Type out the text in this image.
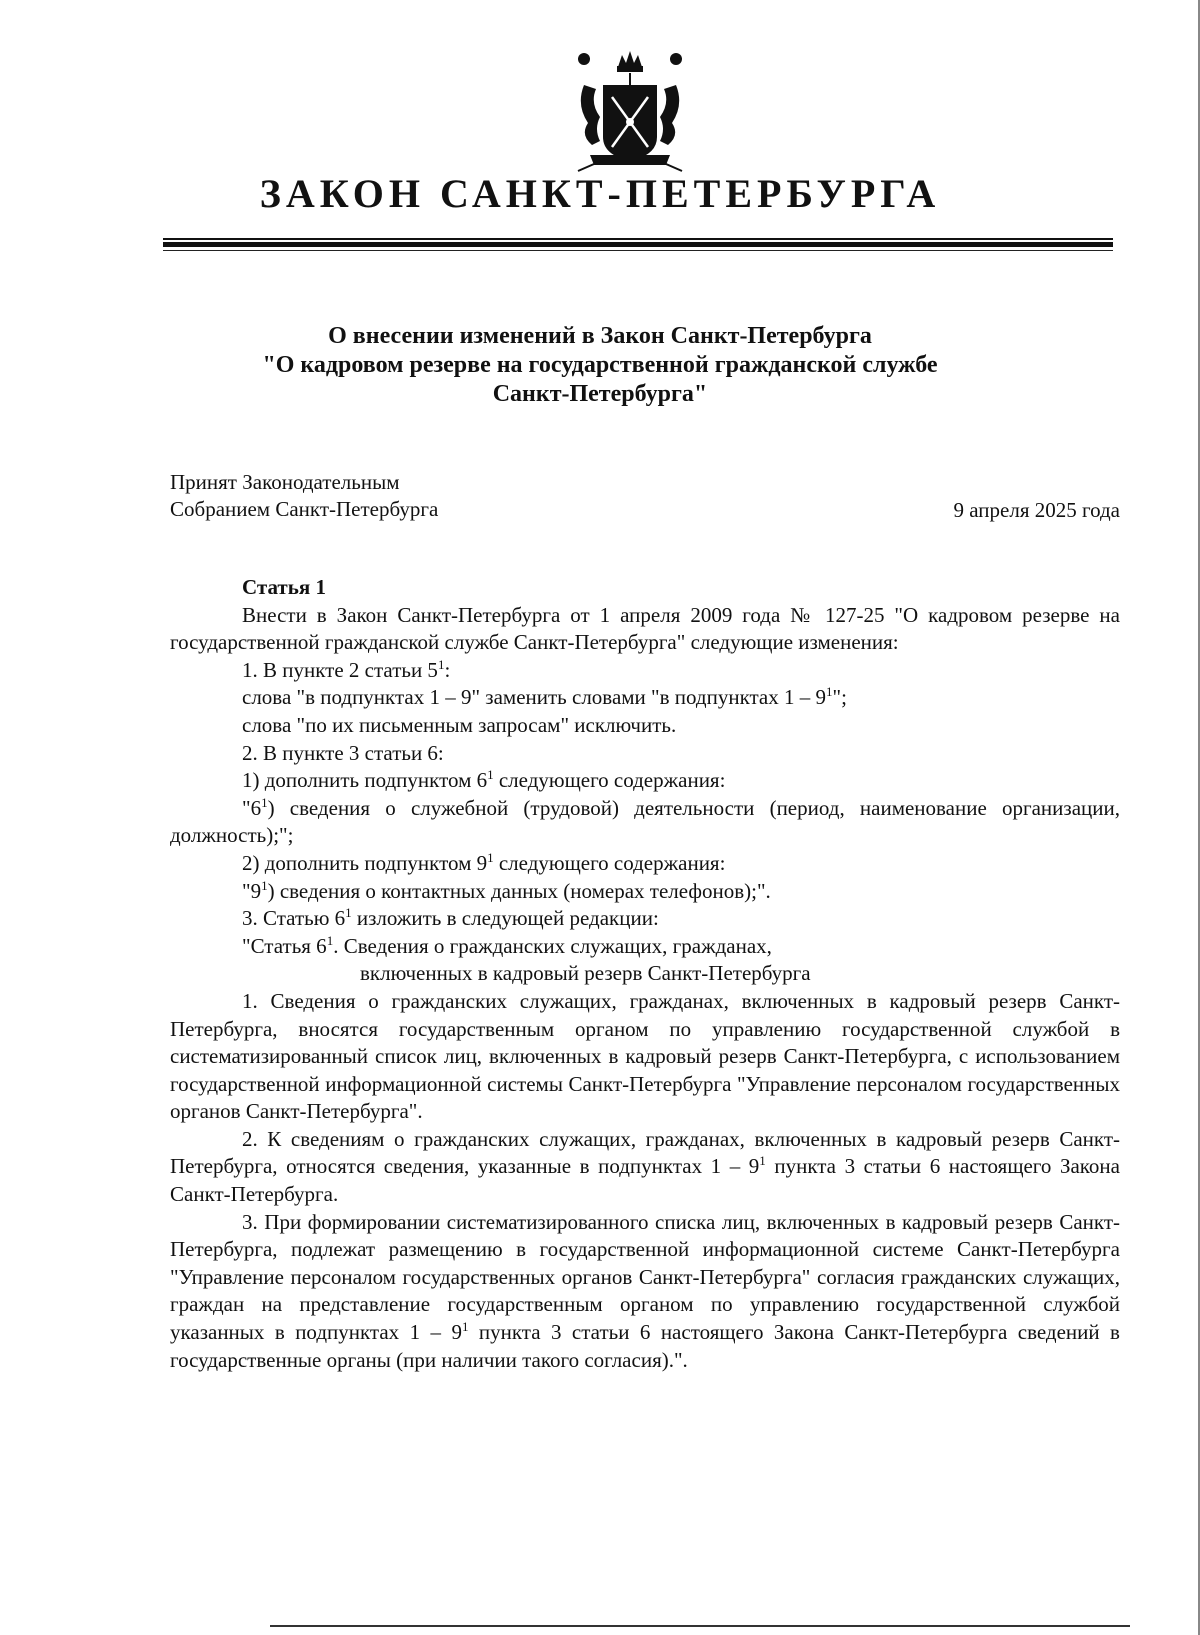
ЗАКОН САНКТ-ПЕТЕРБУРГА
О внесении изменений в Закон Санкт-Петербурга
"О кадровом резерве на государственной гражданской службе
Санкт-Петербурга"
Принят Законодательным
Собранием Санкт-Петербурга	9 апреля 2025 года

Статья 1

Внести в Закон Санкт-Петербурга от 1 апреля 2009 года № 127-25 "О кадровом резерве на государственной гражданской службе Санкт-Петербурга" следующие изменения:

1. В пункте 2 статьи $5^1$:

слова "в подпунктах 1 – 9" заменить словами "в подпунктах $1 - 9^1$";

слова "по их письменным запросам" исключить.

2. В пункте 3 статьи 6:

1) дополнить подпунктом $6^1$ следующего содержания:

"$6^1$) сведения о служебной (трудовой) деятельности (период, наименование организации, должность);";

2) дополнить подпунктом $9^1$ следующего содержания:

"$9^1$) сведения о контактных данных (номерах телефонов);".

3. Статью $6^1$ изложить в следующей редакции:

"Статья $6^1$. Сведения о гражданских служащих, гражданах,

включенных в кадровый резерв Санкт-Петербурга

1. Сведения о гражданских служащих, гражданах, включенных в кадровый резерв Санкт-Петербурга, вносятся государственным органом по управлению государственной службой в систематизированный список лиц, включенных в кадровый резерв Санкт-Петербурга, с использованием государственной информационной системы Санкт-Петербурга "Управление персоналом государственных органов Санкт-Петербурга".

2. К сведениям о гражданских служащих, гражданах, включенных в кадровый резерв Санкт-Петербурга, относятся сведения, указанные в подпунктах $1 - 9^1$ пункта 3 статьи 6 настоящего Закона Санкт-Петербурга.

3. При формировании систематизированного списка лиц, включенных в кадровый резерв Санкт-Петербурга, подлежат размещению в государственной информационной системе Санкт-Петербурга "Управление персоналом государственных органов Санкт-Петербурга" согласия гражданских служащих, граждан на представление государственным органом по управлению государственной службой указанных в подпунктах $1 - 9^1$ пункта 3 статьи 6 настоящего Закона Санкт-Петербурга сведений в государственные органы (при наличии такого согласия).".
